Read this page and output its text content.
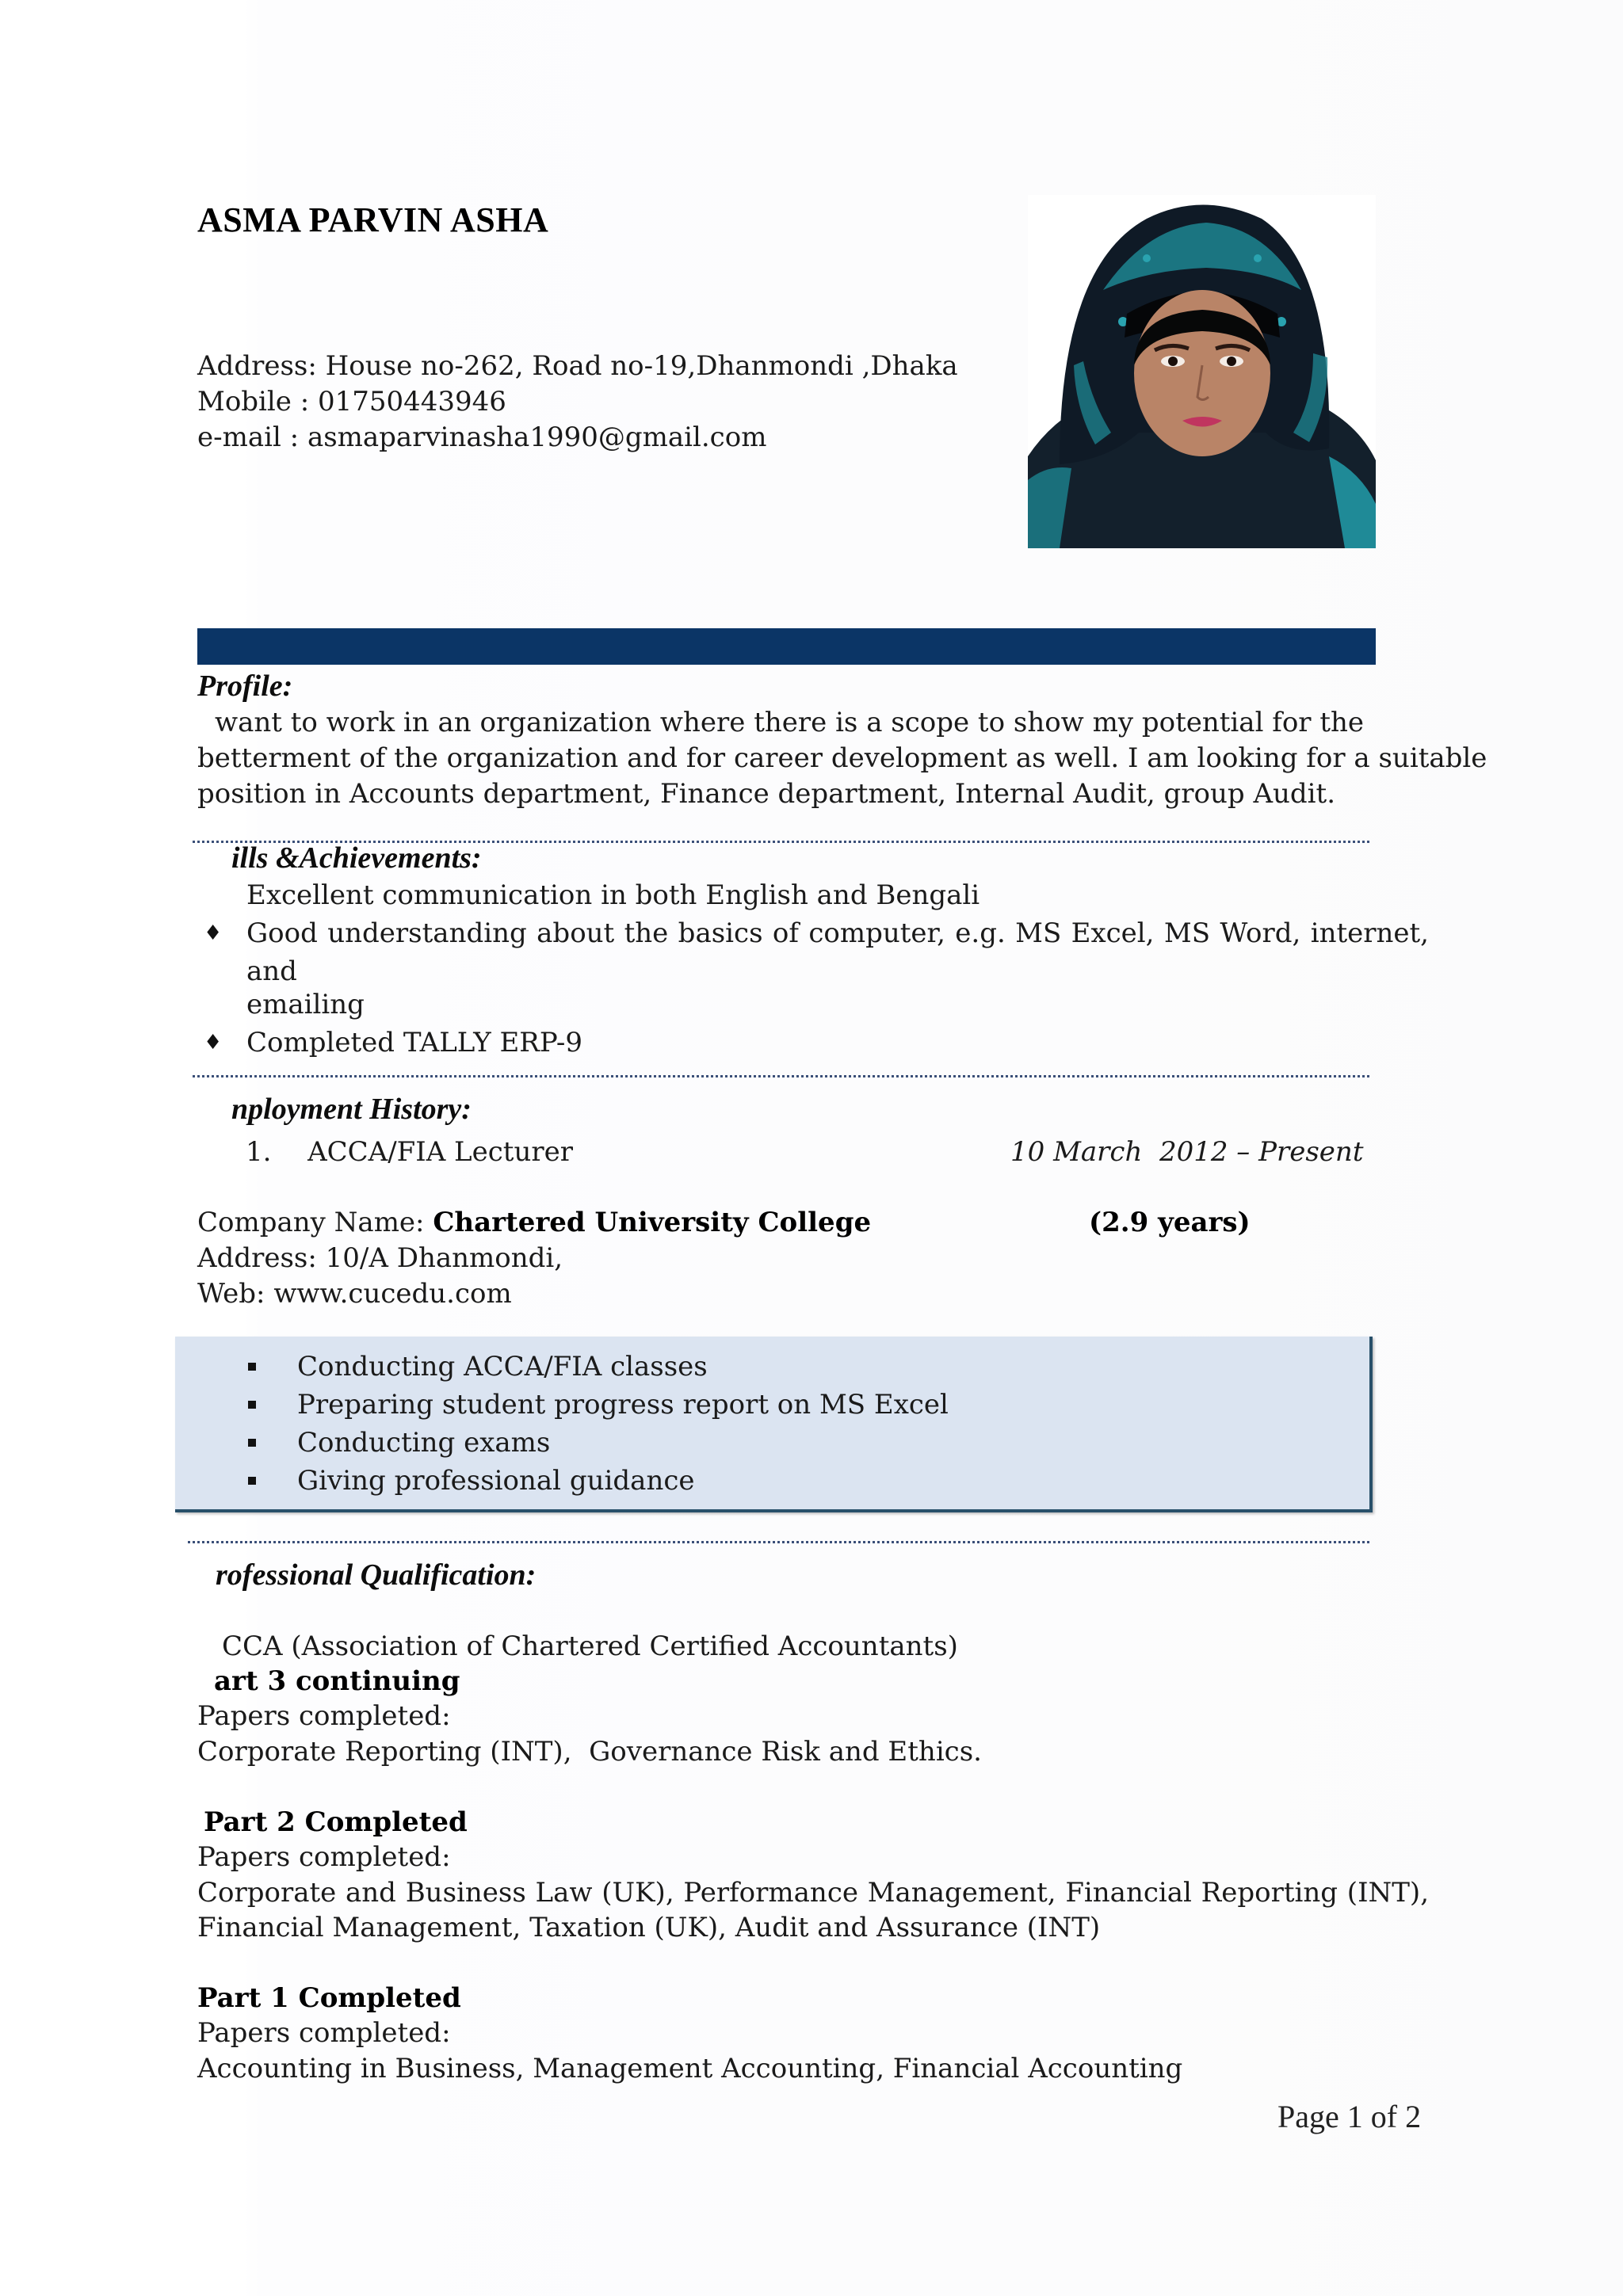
ASMA PARVIN ASHA
Address: House no-262, Road no-19,Dhanmondi ,Dhaka
Mobile : 01750443946
e-mail : asmaparvinasha1990@gmail.com
Profile:
want to work in an organization where there is a scope to show my potential for the
betterment of the organization and for career development as well. I am looking for a suitable
position in Accounts department, Finance department, Internal Audit, group Audit.
ills &Achievements:
Excellent communication in both English and Bengali
♦ Good understanding about the basics of computer, e.g. MS Excel, MS Word, internet, and
emailing
♦ Completed TALLY ERP-9
nployment History:
1. ACCA/FIA Lecturer	10 March  2012 – Present
Company Name: Chartered University College	(2.9 years)
Address: 10/A Dhanmondi,
Web: www.cucedu.com
Conducting ACCA/FIA classes
Preparing student progress report on MS Excel
Conducting exams
Giving professional guidance
rofessional Qualification:
CCA (Association of Chartered Certified Accountants)
art 3 continuing
Papers completed:
Corporate Reporting (INT),  Governance Risk and Ethics.
Part 2 Completed
Papers completed:
Corporate and Business Law (UK), Performance Management, Financial Reporting (INT),
Financial Management, Taxation (UK), Audit and Assurance (INT)
Part 1 Completed
Papers completed:
Accounting in Business, Management Accounting, Financial Accounting
Page 1 of 2
